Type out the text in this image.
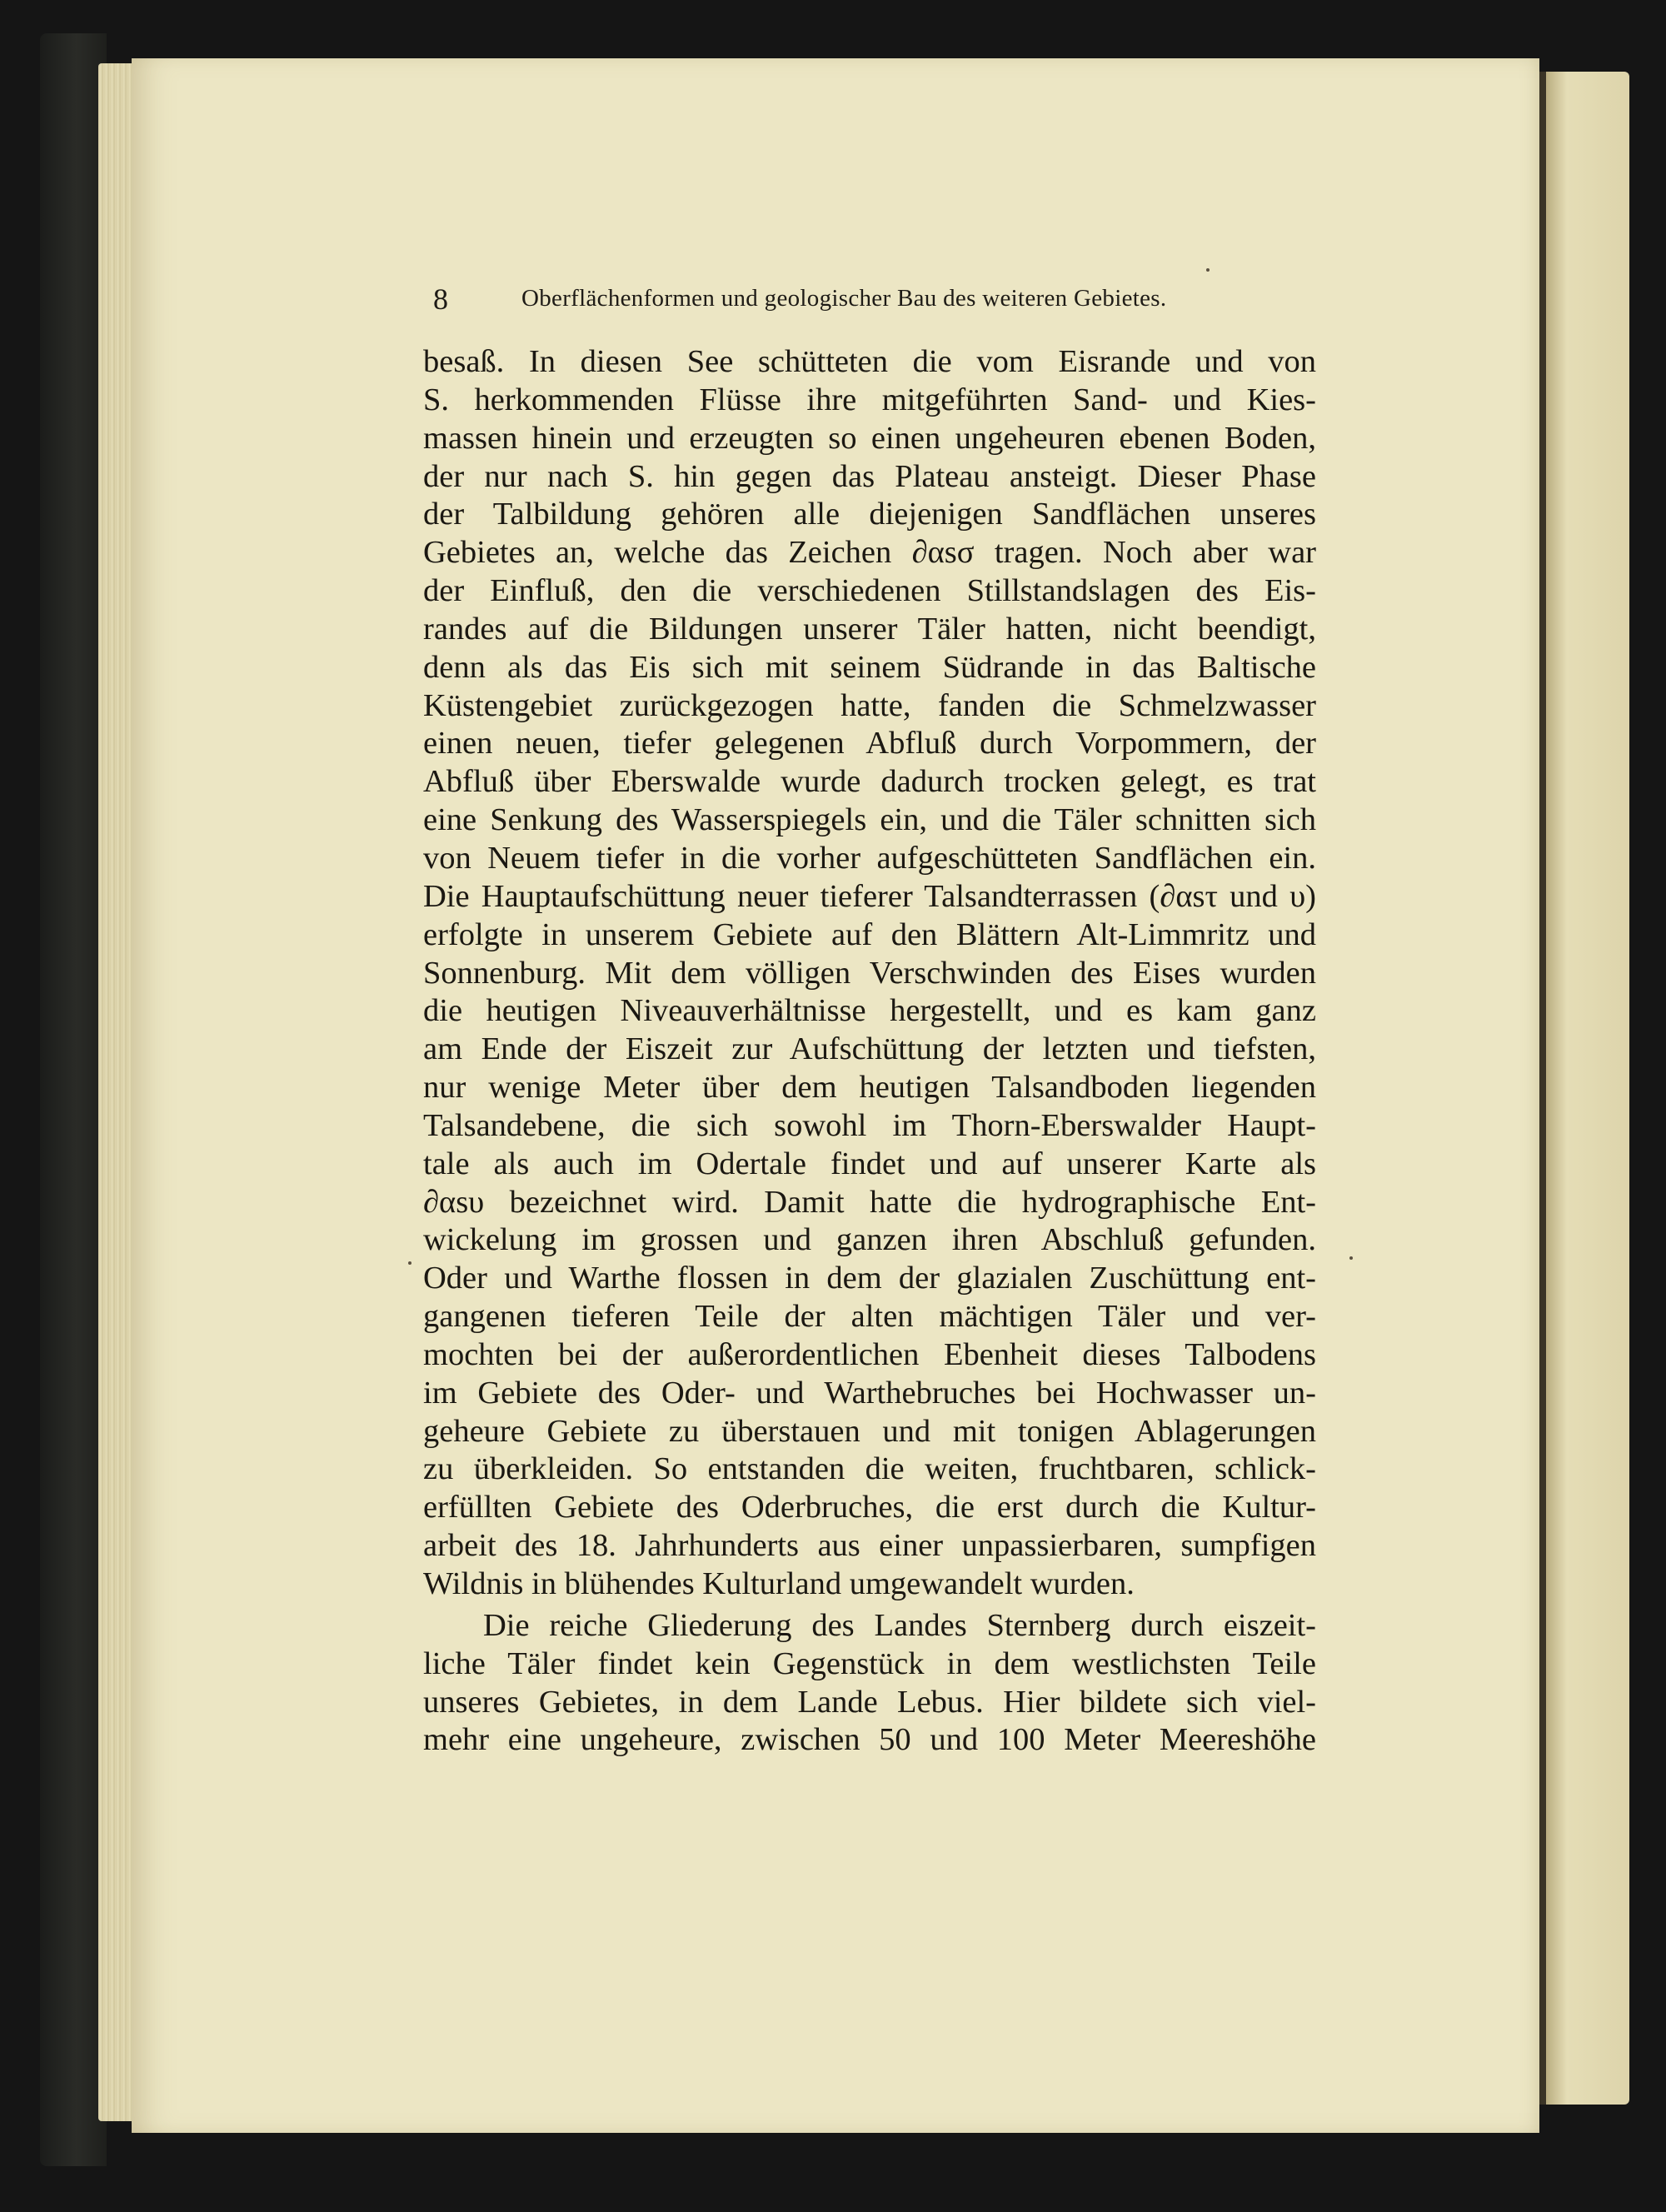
8	Oberflächenformen und geologischer Bau des weiteren Gebietes.
besaß. In diesen See schütteten die vom Eisrande und von
S. herkommenden Flüsse ihre mitgeführten Sand- und Kies-
massen hinein und erzeugten so einen ungeheuren ebenen Boden,
der nur nach S. hin gegen das Plateau ansteigt. Dieser Phase
der Talbildung gehören alle diejenigen Sandflächen unseres
Gebietes an, welche das Zeichen ∂αsσ tragen. Noch aber war
der Einfluß, den die verschiedenen Stillstandslagen des Eis-
randes auf die Bildungen unserer Täler hatten, nicht beendigt,
denn als das Eis sich mit seinem Südrande in das Baltische
Küstengebiet zurückgezogen hatte, fanden die Schmelzwasser
einen neuen, tiefer gelegenen Abfluß durch Vorpommern, der
Abfluß über Eberswalde wurde dadurch trocken gelegt, es trat
eine Senkung des Wasserspiegels ein, und die Täler schnitten sich
von Neuem tiefer in die vorher aufgeschütteten Sandflächen ein.
Die Hauptaufschüttung neuer tieferer Talsandterrassen (∂αsτ und υ)
erfolgte in unserem Gebiete auf den Blättern Alt-Limmritz und
Sonnenburg. Mit dem völligen Verschwinden des Eises wurden
die heutigen Niveauverhältnisse hergestellt, und es kam ganz
am Ende der Eiszeit zur Aufschüttung der letzten und tiefsten,
nur wenige Meter über dem heutigen Talsandboden liegenden
Talsandebene, die sich sowohl im Thorn-Eberswalder Haupt-
tale als auch im Odertale findet und auf unserer Karte als
∂αsυ bezeichnet wird. Damit hatte die hydrographische Ent-
wickelung im grossen und ganzen ihren Abschluß gefunden.
Oder und Warthe flossen in dem der glazialen Zuschüttung ent-
gangenen tieferen Teile der alten mächtigen Täler und ver-
mochten bei der außerordentlichen Ebenheit dieses Talbodens
im Gebiete des Oder- und Warthebruches bei Hochwasser un-
geheure Gebiete zu überstauen und mit tonigen Ablagerungen
zu überkleiden. So entstanden die weiten, fruchtbaren, schlick-
erfüllten Gebiete des Oderbruches, die erst durch die Kultur-
arbeit des 18. Jahrhunderts aus einer unpassierbaren, sumpfigen
Wildnis in blühendes Kulturland umgewandelt wurden.
Die reiche Gliederung des Landes Sternberg durch eiszeit-
liche Täler findet kein Gegenstück in dem westlichsten Teile
unseres Gebietes, in dem Lande Lebus. Hier bildete sich viel-
mehr eine ungeheure, zwischen 50 und 100 Meter Meereshöhe
